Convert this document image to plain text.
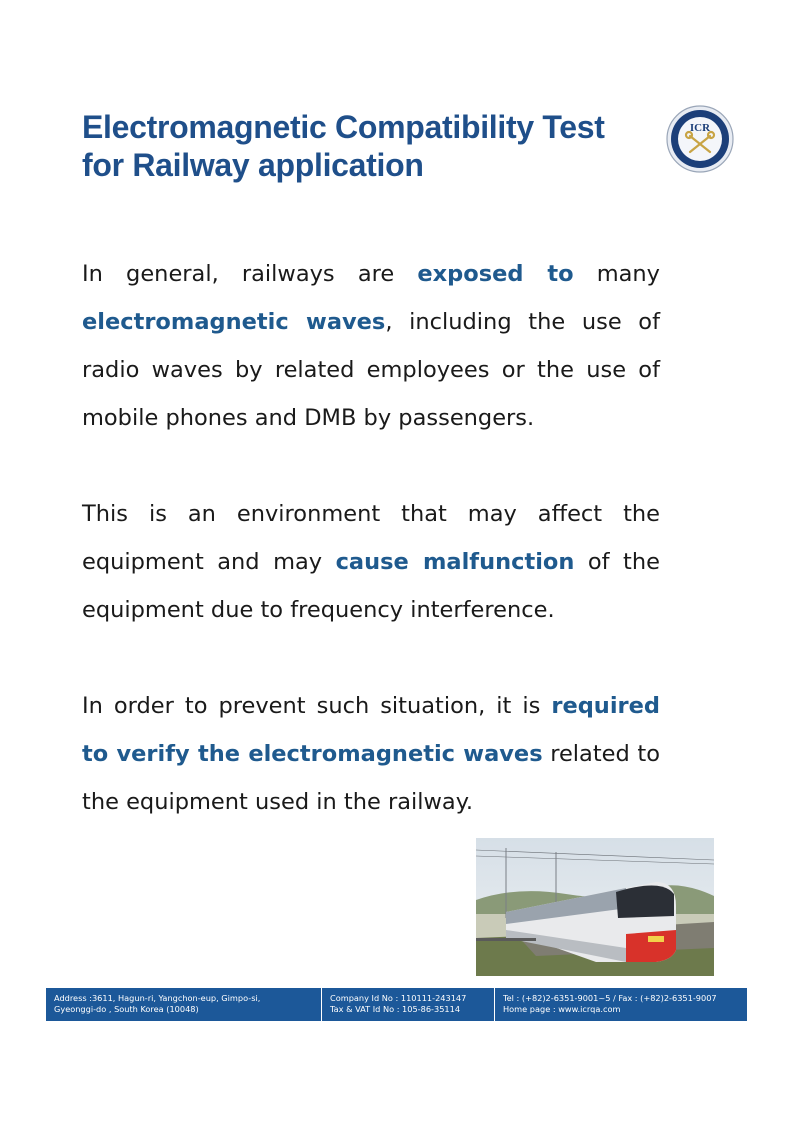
Electromagnetic Compatibility Test
for Railway application
ICR

In general, railways are exposed to many electromagnetic waves, including the use of radio waves by related employees or the use of mobile phones and DMB by passengers.

This is an environment that may affect the equipment and may cause malfunction of the equipment due to frequency interference.

In order to prevent such situation, it is required to verify the electromagnetic waves related to the equipment used in the railway.

Address :3611, Hagun-ri, Yangchon-eup, Gimpo-si,
Gyeonggi-do , South Korea (10048)
Company Id No : 110111-243147
Tax & VAT Id No : 105-86-35114
Tel : (+82)2-6351-9001~5 / Fax : (+82)2-6351-9007
Home page : www.icrqa.com
